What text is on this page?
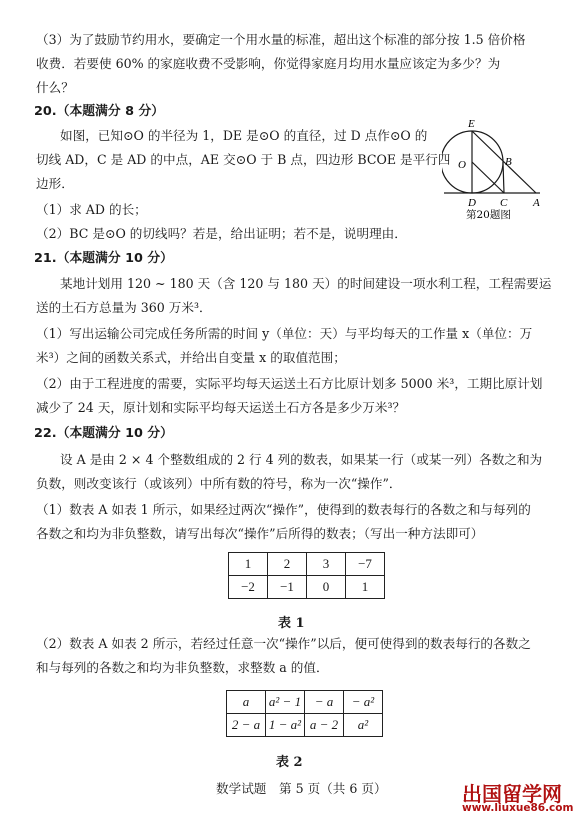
（3）为了鼓励节约用水，要确定一个用水量的标准，超出这个标准的部分按 1.5 倍价格
收费．若要使 60% 的家庭收费不受影响，你觉得家庭月均用水量应该定为多少？为
什么？
20.（本题满分 8 分）
如图，已知⊙O 的半径为 1，DE 是⊙O 的直径，过 D 点作⊙O 的
切线 AD，C 是 AD 的中点，AE 交⊙O 于 B 点，四边形 BCOE 是平行四
边形．
（1）求 AD 的长；
（2）BC 是⊙O 的切线吗？若是，给出证明；若不是，说明理由．
E
B
O
D C A
第20题图
21.（本题满分 10 分）
某地计划用 120 ~ 180 天（含 120 与 180 天）的时间建设一项水利工程，工程需要运
送的土石方总量为 360 万米³．
（1）写出运输公司完成任务所需的时间 y（单位：天）与平均每天的工作量 x（单位：万
米³）之间的函数关系式，并给出自变量 x 的取值范围；
（2）由于工程进度的需要，实际平均每天运送土石方比原计划多 5000 米³，工期比原计划
减少了 24 天，原计划和实际平均每天运送土石方各是多少万米³？
22.（本题满分 10 分）
设 A 是由 2 × 4 个整数组成的 2 行 4 列的数表，如果某一行（或某一列）各数之和为
负数，则改变该行（或该列）中所有数的符号，称为一次“操作”．
（1）数表 A 如表 1 所示，如果经过两次“操作”，使得到的数表每行的各数之和与每列的
各数之和均为非负整数，请写出每次“操作”后所得的数表；（写出一种方法即可）
1	2	3	−7
−2	−1	0	1
表 1
（2）数表 A 如表 2 所示，若经过任意一次“操作”以后，便可使得到的数表每行的各数之
和与每列的各数之和均为非负整数，求整数 a 的值．
a	a² − 1	− a	− a²
2 − a	1 − a²	a − 2	a²
表 2
数学试题　第 5 页（共 6 页）	出国留学网
www.liuxue86.com
